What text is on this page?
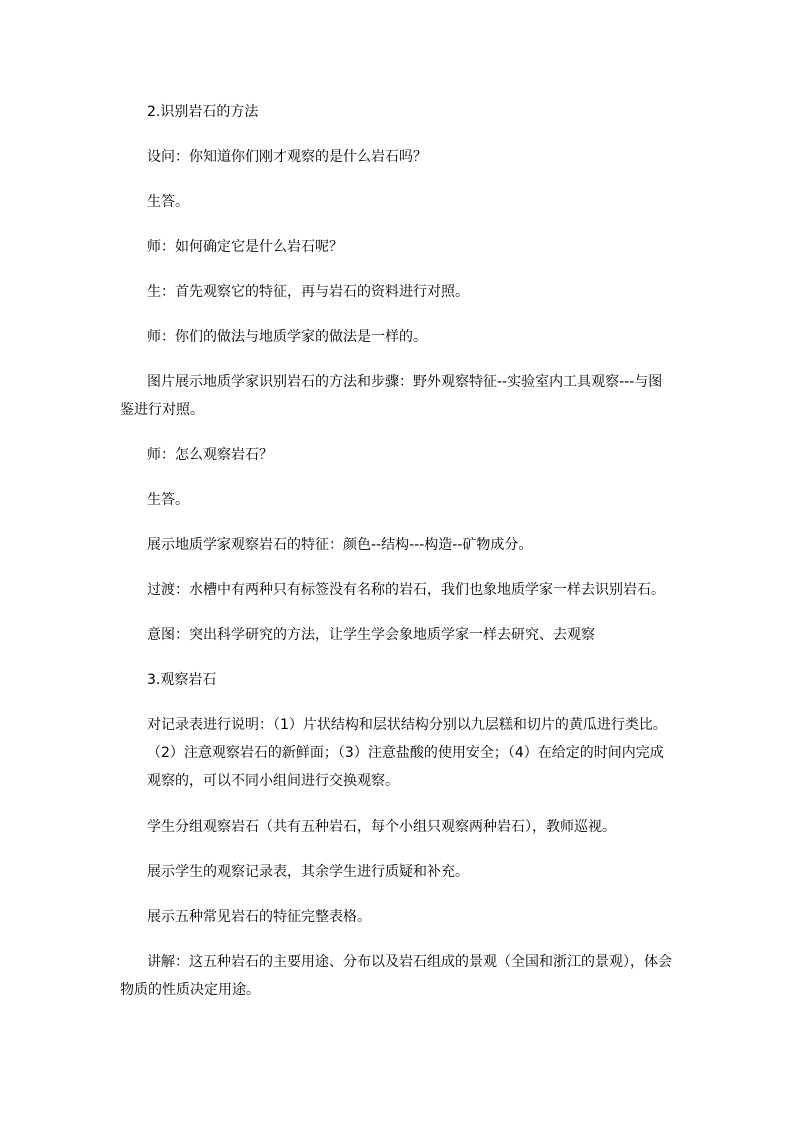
2.识别岩石的方法
设问：你知道你们刚才观察的是什么岩石吗？
生答。
师：如何确定它是什么岩石呢？
生：首先观察它的特征，再与岩石的资料进行对照。
师：你们的做法与地质学家的做法是一样的。
图片展示地质学家识别岩石的方法和步骤：野外观察特征--实验室内工具观察---与图
鉴进行对照。
师：怎么观察岩石？
生答。
展示地质学家观察岩石的特征：颜色--结构---构造--矿物成分。
过渡：水槽中有两种只有标签没有名称的岩石，我们也象地质学家一样去识别岩石。
意图：突出科学研究的方法，让学生学会象地质学家一样去研究、去观察
3.观察岩石
对记录表进行说明：（1）片状结构和层状结构分别以九层糕和切片的黄瓜进行类比。
（2）注意观察岩石的新鲜面；（3）注意盐酸的使用安全；（4）在给定的时间内完成
观察的，可以不同小组间进行交换观察。
学生分组观察岩石（共有五种岩石，每个小组只观察两种岩石），教师巡视。
展示学生的观察记录表，其余学生进行质疑和补充。
展示五种常见岩石的特征完整表格。
讲解：这五种岩石的主要用途、分布以及岩石组成的景观（全国和浙江的景观），体会
物质的性质决定用途。
